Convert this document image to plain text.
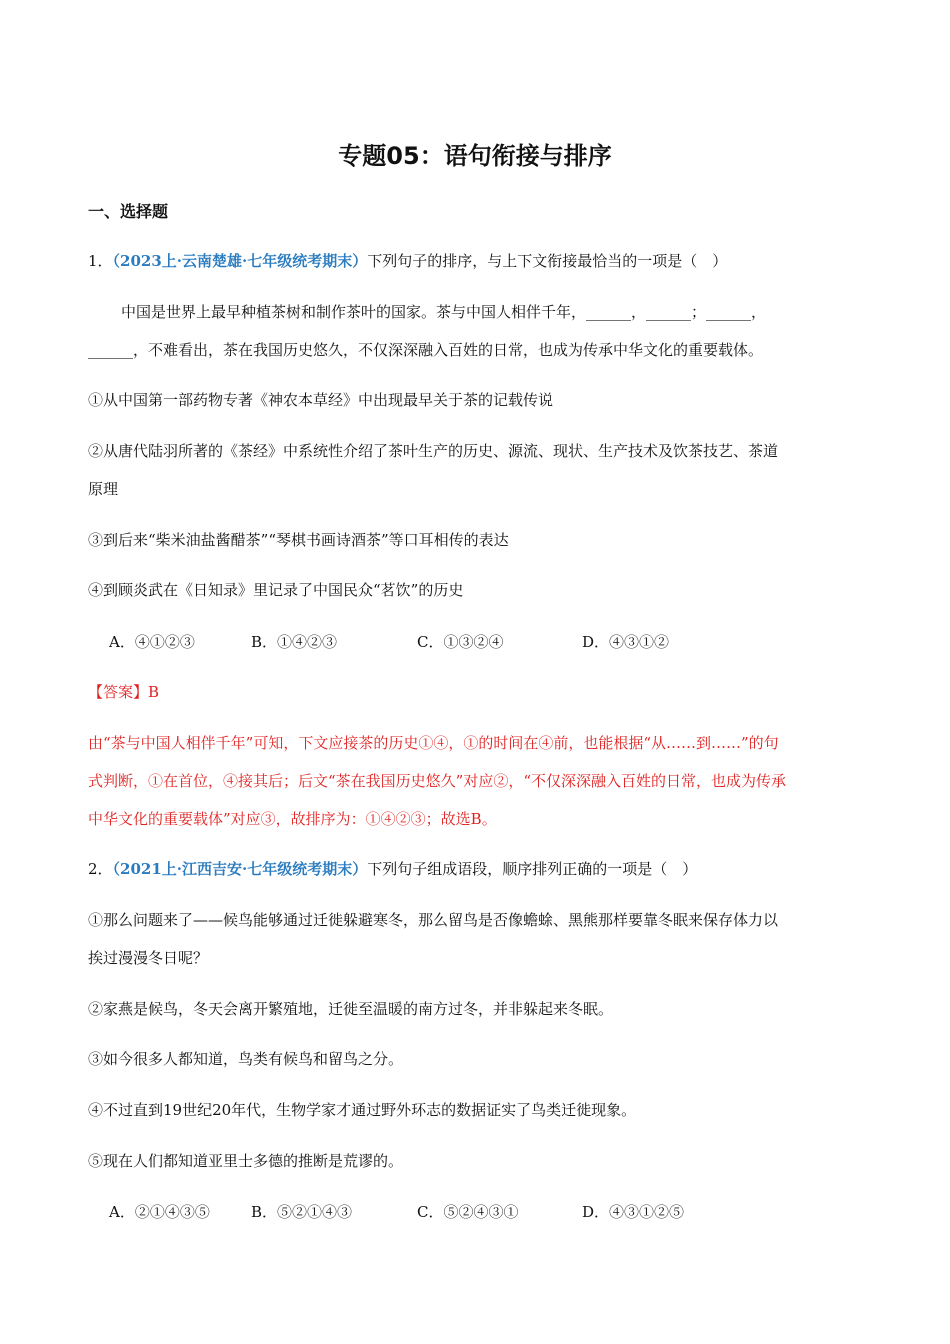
专题05：语句衔接与排序
一、选择题
1．（2023上·云南楚雄·七年级统考期末）下列句子的排序，与上下文衔接最恰当的一项是（　）
中国是世界上最早种植茶树和制作茶叶的国家。茶与中国人相伴千年，______，______；______，
______，不难看出，茶在我国历史悠久，不仅深深融入百姓的日常，也成为传承中华文化的重要载体。
①从中国第一部药物专著《神农本草经》中出现最早关于茶的记载传说
②从唐代陆羽所著的《茶经》中系统性介绍了茶叶生产的历史、源流、现状、生产技术及饮茶技艺、茶道
原理
③到后来“柴米油盐酱醋茶”“琴棋书画诗酒茶”等口耳相传的表达
④到顾炎武在《日知录》里记录了中国民众“茗饮”的历史
A．④①②③	B．①④②③	C．①③②④	D．④③①②
【答案】B
由“茶与中国人相伴千年”可知，下文应接茶的历史①④，①的时间在④前，也能根据“从……到……”的句
式判断，①在首位，④接其后；后文“茶在我国历史悠久”对应②，“不仅深深融入百姓的日常，也成为传承
中华文化的重要载体”对应③，故排序为：①④②③；故选B。
2．（2021上·江西吉安·七年级统考期末）下列句子组成语段，顺序排列正确的一项是（　）
①那么问题来了——候鸟能够通过迁徙躲避寒冬，那么留鸟是否像蟾蜍、黑熊那样要靠冬眠来保存体力以
挨过漫漫冬日呢？
②家燕是候鸟，冬天会离开繁殖地，迁徙至温暖的南方过冬，并非躲起来冬眠。
③如今很多人都知道，鸟类有候鸟和留鸟之分。
④不过直到19世纪20年代，生物学家才通过野外环志的数据证实了鸟类迁徙现象。
⑤现在人们都知道亚里士多德的推断是荒谬的。
A．②①④③⑤	B．⑤②①④③	C．⑤②④③①	D．④③①②⑤
